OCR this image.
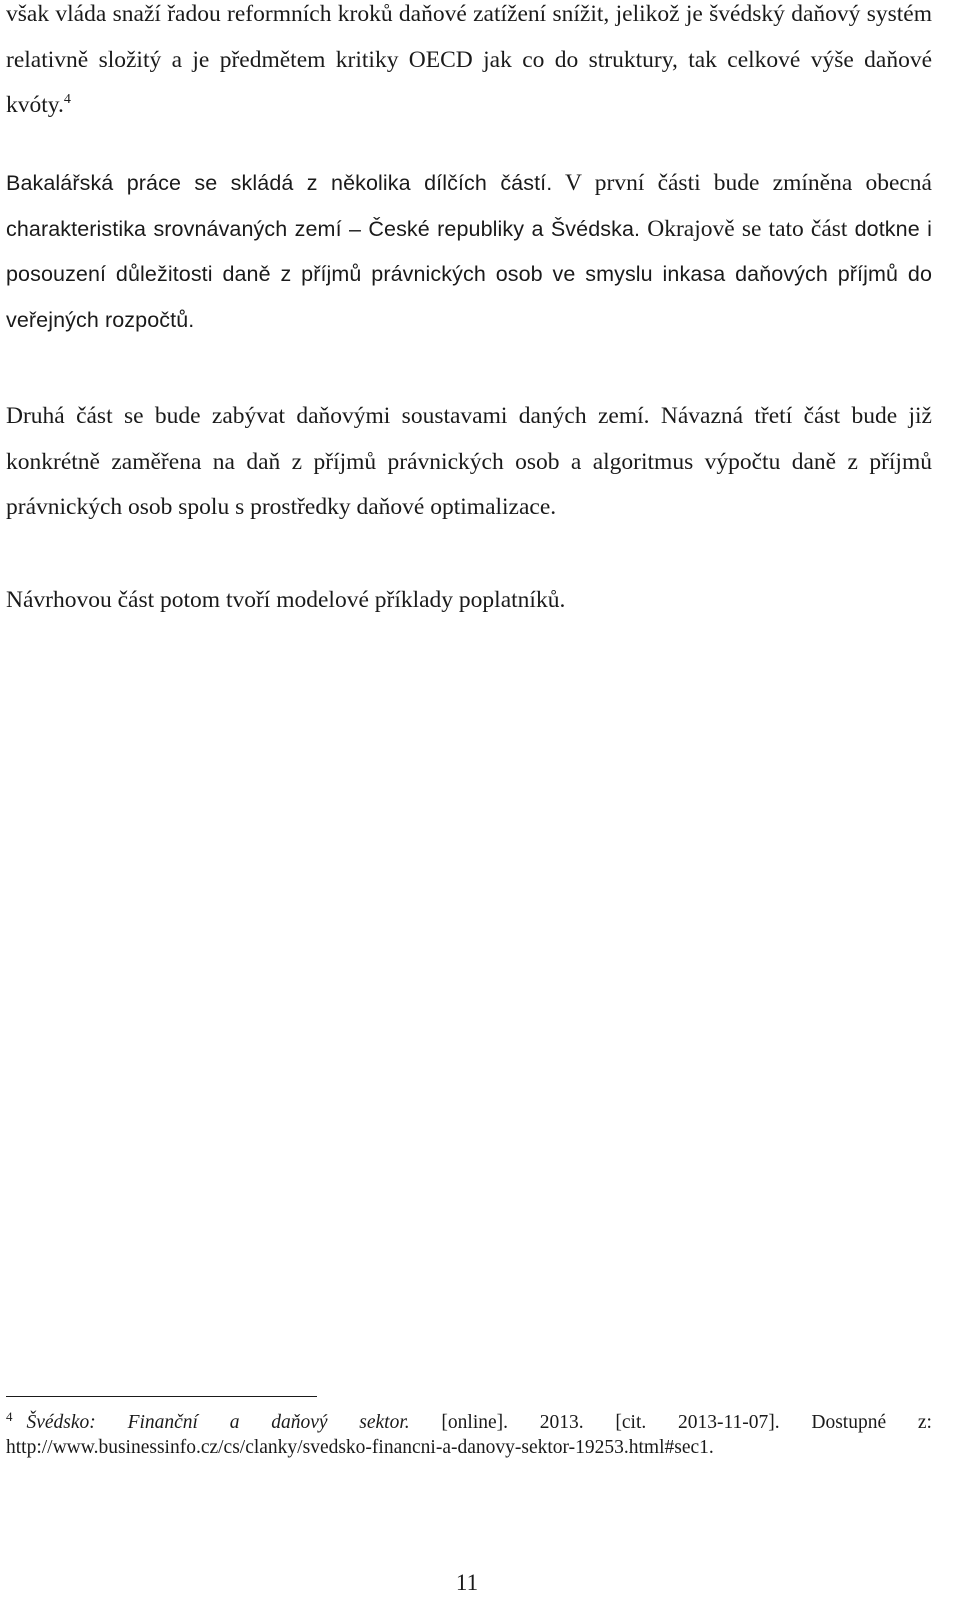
však vláda snaží řadou reformních kroků daňové zatížení snížit, jelikož je švédský daňový systém relativně složitý a je předmětem kritiky OECD jak co do struktury, tak celkové výše daňové kvóty.$^4$

Bakalářská práce se skládá z několika dílčích částí. V první části bude zmíněna obecná charakteristika srovnávaných zemí – České republiky a Švédska. Okrajově se tato část dotkne i posouzení důležitosti daně z příjmů právnických osob ve smyslu inkasa daňových příjmů do veřejných rozpočtů.

Druhá část se bude zabývat daňovými soustavami daných zemí. Návazná třetí část bude již konkrétně zaměřena na daň z příjmů právnických osob a algoritmus výpočtu daně z příjmů právnických osob spolu s prostředky daňové optimalizace.

Návrhovou část potom tvoří modelové příklady poplatníků.

$^4$ Švédsko: Finanční a daňový sektor. [online]. 2013. [cit. 2013-11-07]. Dostupné z:
http://www.businessinfo.cz/cs/clanky/svedsko-financni-a-danovy-sektor-19253.html#sec1.

11
